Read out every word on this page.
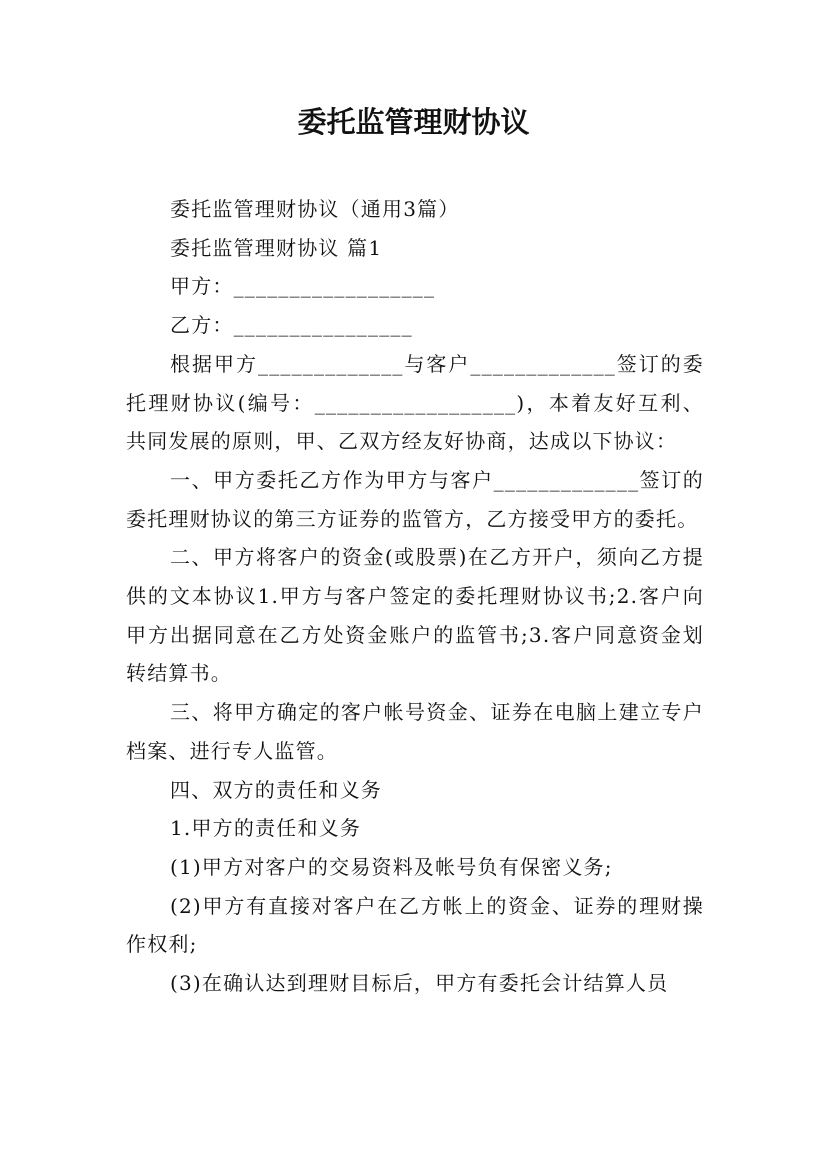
委托监管理财协议

委托监管理财协议（通用3篇）

委托监管理财协议 篇1

甲方：__________________

乙方：________________

根据甲方_____________与客户_____________签订的委托理财协议(编号：__________________)，本着友好互利、共同发展的原则，甲、乙双方经友好协商，达成以下协议：

一、甲方委托乙方作为甲方与客户_____________签订的委托理财协议的第三方证券的监管方，乙方接受甲方的委托。

二、甲方将客户的资金(或股票)在乙方开户，须向乙方提供的文本协议1.甲方与客户签定的委托理财协议书;2.客户向甲方出据同意在乙方处资金账户的监管书;3.客户同意资金划转结算书。

三、将甲方确定的客户帐号资金、证券在电脑上建立专户档案、进行专人监管。

四、双方的责任和义务

1.甲方的责任和义务

(1)甲方对客户的交易资料及帐号负有保密义务;

(2)甲方有直接对客户在乙方帐上的资金、证券的理财操作权利;

(3)在确认达到理财目标后，甲方有委托会计结算人员
